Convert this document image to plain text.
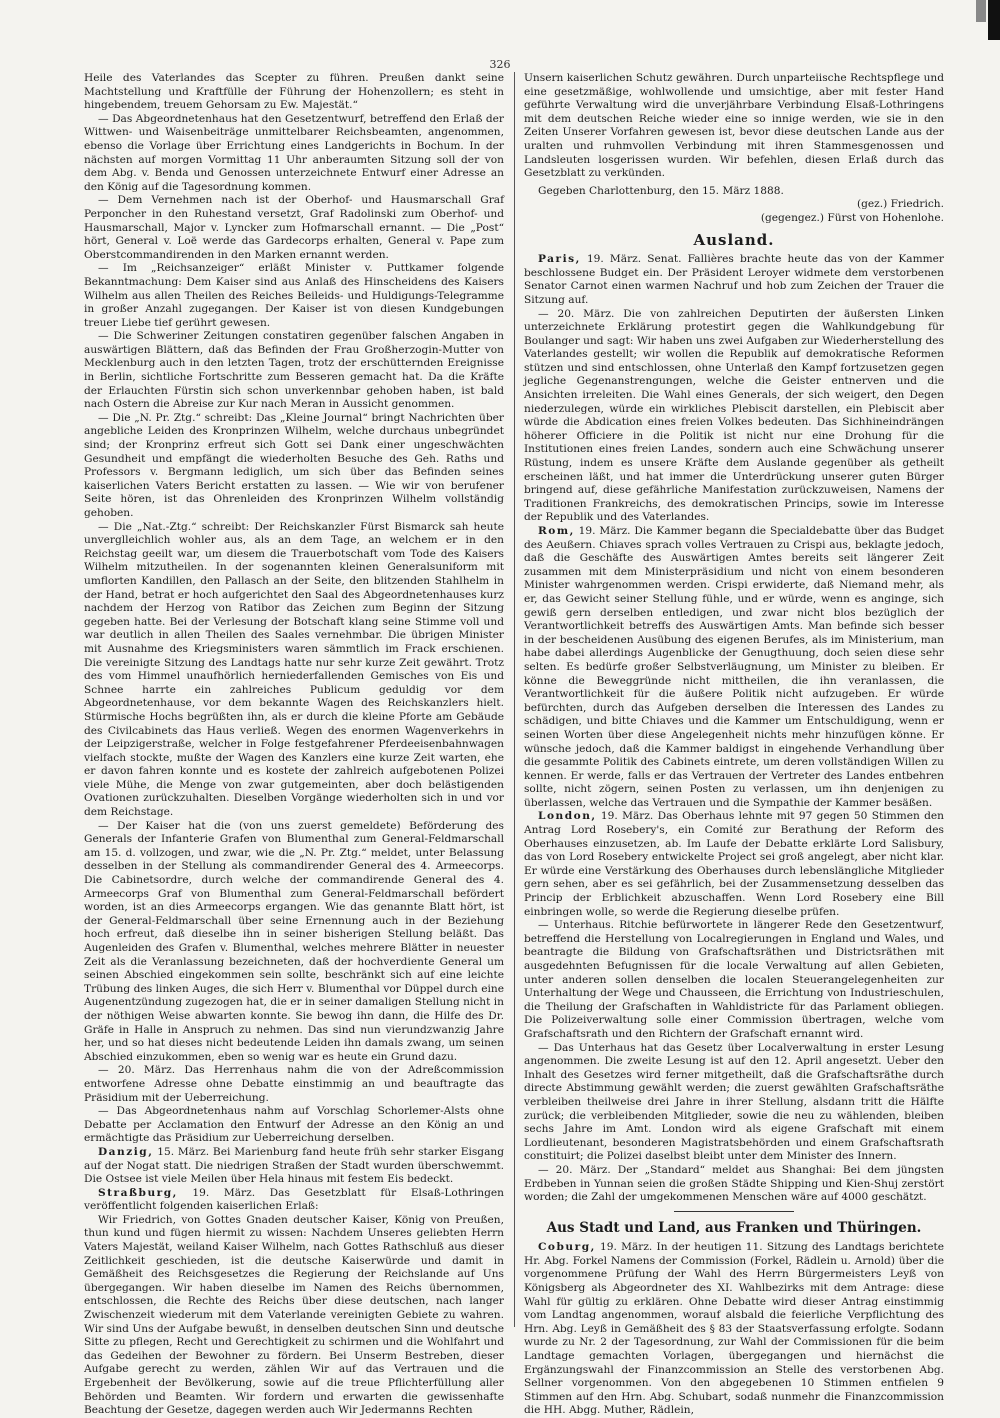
326

Heile des Vaterlandes das Scepter zu führen. Preußen dankt seine Machtstellung und Kraftfülle der Führung der Hohenzollern; es steht in hingebendem, treuem Gehorsam zu Ew. Majestät.“

— Das Abgeordnetenhaus hat den Gesetzentwurf, betreffend den Erlaß der Wittwen- und Waisenbeiträge unmittelbarer Reichsbeamten, angenommen, ebenso die Vorlage über Errichtung eines Landgerichts in Bochum. In der nächsten auf morgen Vormittag 11 Uhr anberaumten Sitzung soll der von dem Abg. v. Benda und Genossen unterzeichnete Entwurf einer Adresse an den König auf die Tagesordnung kommen.

— Dem Vernehmen nach ist der Oberhof- und Hausmarschall Graf Perponcher in den Ruhestand versetzt, Graf Radolinski zum Oberhof- und Hausmarschall, Major v. Lyncker zum Hofmarschall ernannt. — Die „Post“ hört, General v. Loë werde das Gardecorps erhalten, General v. Pape zum Oberstcommandirenden in den Marken ernannt werden.

— Im „Reichsanzeiger“ erläßt Minister v. Puttkamer folgende Bekanntmachung: Dem Kaiser sind aus Anlaß des Hinscheidens des Kaisers Wilhelm aus allen Theilen des Reiches Beileids- und Huldigungs-Telegramme in großer Anzahl zugegangen. Der Kaiser ist von diesen Kundgebungen treuer Liebe tief gerührt gewesen.

— Die Schweriner Zeitungen constatiren gegenüber falschen Angaben in auswärtigen Blättern, daß das Befinden der Frau Großherzogin-Mutter von Mecklenburg auch in den letzten Tagen, trotz der erschütternden Ereignisse in Berlin, sichtliche Fortschritte zum Besseren gemacht hat. Da die Kräfte der Erlauchten Fürstin sich schon unverkennbar gehoben haben, ist bald nach Ostern die Abreise zur Kur nach Meran in Aussicht genommen.

— Die „N. Pr. Ztg.“ schreibt: Das „Kleine Journal“ bringt Nachrichten über angebliche Leiden des Kronprinzen Wilhelm, welche durchaus unbegründet sind; der Kronprinz erfreut sich Gott sei Dank einer ungeschwächten Gesundheit und empfängt die wiederholten Besuche des Geh. Raths und Professors v. Bergmann lediglich, um sich über das Befinden seines kaiserlichen Vaters Bericht erstatten zu lassen. — Wie wir von berufener Seite hören, ist das Ohrenleiden des Kronprinzen Wilhelm vollständig gehoben.

— Die „Nat.-Ztg.“ schreibt: Der Reichskanzler Fürst Bismarck sah heute unverglleichlich wohler aus, als an dem Tage, an welchem er in den Reichstag geeilt war, um diesem die Trauerbotschaft vom Tode des Kaisers Wilhelm mitzutheilen. In der sogenannten kleinen Generalsuniform mit umflorten Kandillen, den Pallasch an der Seite, den blitzenden Stahlhelm in der Hand, betrat er hoch aufgerichtet den Saal des Abgeordnetenhauses kurz nachdem der Herzog von Ratibor das Zeichen zum Beginn der Sitzung gegeben hatte. Bei der Verlesung der Botschaft klang seine Stimme voll und war deutlich in allen Theilen des Saales vernehmbar. Die übrigen Minister mit Ausnahme des Kriegsministers waren sämmtlich im Frack erschienen. Die vereinigte Sitzung des Landtags hatte nur sehr kurze Zeit gewährt. Trotz des vom Himmel unaufhörlich herniederfallenden Gemisches von Eis und Schnee harrte ein zahlreiches Publicum geduldig vor dem Abgeordnetenhause, vor dem bekannte Wagen des Reichskanzlers hielt. Stürmische Hochs begrüßten ihn, als er durch die kleine Pforte am Gebäude des Civilcabinets das Haus verließ. Wegen des enormen Wagenverkehrs in der Leipzigerstraße, welcher in Folge festgefahrener Pferdeeisenbahnwagen vielfach stockte, mußte der Wagen des Kanzlers eine kurze Zeit warten, ehe er davon fahren konnte und es kostete der zahlreich aufgebotenen Polizei viele Mühe, die Menge von zwar gutgemeinten, aber doch belästigenden Ovationen zurückzuhalten. Dieselben Vorgänge wiederholten sich in und vor dem Reichstage.

— Der Kaiser hat die (von uns zuerst gemeldete) Beförderung des Generals der Infanterie Grafen von Blumenthal zum General-Feldmarschall am 15. d. vollzogen, und zwar, wie die „N. Pr. Ztg.“ meldet, unter Belassung desselben in der Stellung als commandirender General des 4. Armeecorps. Die Cabinetsordre, durch welche der commandirende General des 4. Armeecorps Graf von Blumenthal zum General-Feldmarschall befördert worden, ist an dies Armeecorps ergangen. Wie das genannte Blatt hört, ist der General-Feldmarschall über seine Ernennung auch in der Beziehung hoch erfreut, daß dieselbe ihn in seiner bisherigen Stellung beläßt. Das Augenleiden des Grafen v. Blumenthal, welches mehrere Blätter in neuester Zeit als die Veranlassung bezeichneten, daß der hochverdiente General um seinen Abschied eingekommen sein sollte, beschränkt sich auf eine leichte Trübung des linken Auges, die sich Herr v. Blumenthal vor Düppel durch eine Augenentzündung zugezogen hat, die er in seiner damaligen Stellung nicht in der nöthigen Weise abwarten konnte. Sie bewog ihn dann, die Hilfe des Dr. Gräfe in Halle in Anspruch zu nehmen. Das sind nun vierundzwanzig Jahre her, und so hat dieses nicht bedeutende Leiden ihn damals zwang, um seinen Abschied einzukommen, eben so wenig war es heute ein Grund dazu.

— 20. März. Das Herrenhaus nahm die von der Adreßcommission entworfene Adresse ohne Debatte einstimmig an und beauftragte das Präsidium mit der Ueberreichung.

— Das Abgeordnetenhaus nahm auf Vorschlag Schorlemer-Alsts ohne Debatte per Acclamation den Entwurf der Adresse an den König an und ermächtigte das Präsidium zur Ueberreichung derselben.

Danzig, 15. März. Bei Marienburg fand heute früh sehr starker Eisgang auf der Nogat statt. Die niedrigen Straßen der Stadt wurden überschwemmt. Die Ostsee ist viele Meilen über Hela hinaus mit festem Eis bedeckt.

Straßburg, 19. März. Das Gesetzblatt für Elsaß-Lothringen veröffentlicht folgenden kaiserlichen Erlaß:

Wir Friedrich, von Gottes Gnaden deutscher Kaiser, König von Preußen, thun kund und fügen hiermit zu wissen: Nachdem Unseres geliebten Herrn Vaters Majestät, weiland Kaiser Wilhelm, nach Gottes Rathschluß aus dieser Zeitlichkeit geschieden, ist die deutsche Kaiserwürde und damit in Gemäßheit des Reichsgesetzes die Regierung der Reichslande auf Uns übergegangen. Wir haben dieselbe im Namen des Reichs übernommen, entschlossen, die Rechte des Reichs über diese deutschen, nach langer Zwischenzeit wiederum mit dem Vaterlande vereinigten Gebiete zu wahren. Wir sind Uns der Aufgabe bewußt, in denselben deutschen Sinn und deutsche Sitte zu pflegen, Recht und Gerechtigkeit zu schirmen und die Wohlfahrt und das Gedeihen der Bewohner zu fördern. Bei Unserm Bestreben, dieser Aufgabe gerecht zu werden, zählen Wir auf das Vertrauen und die Ergebenheit der Bevölkerung, sowie auf die treue Pflichterfüllung aller Behörden und Beamten. Wir fordern und erwarten die gewissenhafte Beachtung der Gesetze, dagegen werden auch Wir Jedermanns Rechten

Unsern kaiserlichen Schutz gewähren. Durch unparteiische Rechtspflege und eine gesetzmäßige, wohlwollende und umsichtige, aber mit fester Hand geführte Verwaltung wird die unverjährbare Verbindung Elsaß-Lothringens mit dem deutschen Reiche wieder eine so innige werden, wie sie in den Zeiten Unserer Vorfahren gewesen ist, bevor diese deutschen Lande aus der uralten und ruhmvollen Verbindung mit ihren Stammesgenossen und Landsleuten losgerissen wurden. Wir befehlen, diesen Erlaß durch das Gesetzblatt zu verkünden.

Gegeben Charlottenburg, den 15. März 1888.

(gez.) Friedrich.

(gegengez.) Fürst von Hohenlohe.

Ausland.

Paris, 19. März. Senat. Fallières brachte heute das von der Kammer beschlossene Budget ein. Der Präsident Leroyer widmete dem verstorbenen Senator Carnot einen warmen Nachruf und hob zum Zeichen der Trauer die Sitzung auf.

— 20. März. Die von zahlreichen Deputirten der äußersten Linken unterzeichnete Erklärung protestirt gegen die Wahlkundgebung für Boulanger und sagt: Wir haben uns zwei Aufgaben zur Wiederherstellung des Vaterlandes gestellt; wir wollen die Republik auf demokratische Reformen stützen und sind entschlossen, ohne Unterlaß den Kampf fortzusetzen gegen jegliche Gegenanstrengungen, welche die Geister entnerven und die Ansichten irreleiten. Die Wahl eines Generals, der sich weigert, den Degen niederzulegen, würde ein wirkliches Plebiscit darstellen, ein Plebiscit aber würde die Abdication eines freien Volkes bedeuten. Das Sichhineindrängen höherer Officiere in die Politik ist nicht nur eine Drohung für die Institutionen eines freien Landes, sondern auch eine Schwächung unserer Rüstung, indem es unsere Kräfte dem Auslande gegenüber als getheilt erscheinen läßt, und hat immer die Unterdrückung unserer guten Bürger bringend auf, diese gefährliche Manifestation zurückzuweisen, Namens der Traditionen Frankreichs, des demokratischen Princips, sowie im Interesse der Republik und des Vaterlandes.

Rom, 19. März. Die Kammer begann die Specialdebatte über das Budget des Aeußern. Chiaves sprach volles Vertrauen zu Crispi aus, beklagte jedoch, daß die Geschäfte des Auswärtigen Amtes bereits seit längerer Zeit zusammen mit dem Ministerpräsidium und nicht von einem besonderen Minister wahrgenommen werden. Crispi erwiderte, daß Niemand mehr, als er, das Gewicht seiner Stellung fühle, und er würde, wenn es anginge, sich gewiß gern derselben entledigen, und zwar nicht blos bezüglich der Verantwortlichkeit betreffs des Auswärtigen Amts. Man befinde sich besser in der bescheidenen Ausübung des eigenen Berufes, als im Ministerium, man habe dabei allerdings Augenblicke der Genugthuung, doch seien diese sehr selten. Es bedürfe großer Selbstverläugnung, um Minister zu bleiben. Er könne die Beweggründe nicht mittheilen, die ihn veranlassen, die Verantwortlichkeit für die äußere Politik nicht aufzugeben. Er würde befürchten, durch das Aufgeben derselben die Interessen des Landes zu schädigen, und bitte Chiaves und die Kammer um Entschuldigung, wenn er seinen Worten über diese Angelegenheit nichts mehr hinzufügen könne. Er wünsche jedoch, daß die Kammer baldigst in eingehende Verhandlung über die gesammte Politik des Cabinets eintrete, um deren vollständigen Willen zu kennen. Er werde, falls er das Vertrauen der Vertreter des Landes entbehren sollte, nicht zögern, seinen Posten zu verlassen, um ihn denjenigen zu überlassen, welche das Vertrauen und die Sympathie der Kammer besäßen.

London, 19. März. Das Oberhaus lehnte mit 97 gegen 50 Stimmen den Antrag Lord Rosebery's, ein Comité zur Berathung der Reform des Oberhauses einzusetzen, ab. Im Laufe der Debatte erklärte Lord Salisbury, das von Lord Rosebery entwickelte Project sei groß angelegt, aber nicht klar. Er würde eine Verstärkung des Oberhauses durch lebenslängliche Mitglieder gern sehen, aber es sei gefährlich, bei der Zusammensetzung desselben das Princip der Erblichkeit abzuschaffen. Wenn Lord Rosebery eine Bill einbringen wolle, so werde die Regierung dieselbe prüfen.

— Unterhaus. Ritchie befürwortete in längerer Rede den Gesetzentwurf, betreffend die Herstellung von Localregierungen in England und Wales, und beantragte die Bildung von Grafschaftsräthen und Districtsräthen mit ausgedehnten Befugnissen für die locale Verwaltung auf allen Gebieten, unter anderen sollen denselben die localen Steuerangelegenheiten zur Unterhaltung der Wege und Chausseen, die Errichtung von Industrieschulen, die Theilung der Grafschaften in Wahldistricte für das Parlament obliegen. Die Polizeiverwaltung solle einer Commission übertragen, welche vom Grafschaftsrath und den Richtern der Grafschaft ernannt wird.

— Das Unterhaus hat das Gesetz über Localverwaltung in erster Lesung angenommen. Die zweite Lesung ist auf den 12. April angesetzt. Ueber den Inhalt des Gesetzes wird ferner mitgetheilt, daß die Grafschaftsräthe durch directe Abstimmung gewählt werden; die zuerst gewählten Grafschaftsräthe verbleiben theilweise drei Jahre in ihrer Stellung, alsdann tritt die Hälfte zurück; die verbleibenden Mitglieder, sowie die neu zu wählenden, bleiben sechs Jahre im Amt. London wird als eigene Grafschaft mit einem Lordlieutenant, besonderen Magistratsbehörden und einem Grafschaftsrath constituirt; die Polizei daselbst bleibt unter dem Minister des Innern.

— 20. März. Der „Standard“ meldet aus Shanghai: Bei dem jüngsten Erdbeben in Yunnan seien die großen Städte Shipping und Kien-Shuj zerstört worden; die Zahl der umgekommenen Menschen wäre auf 4000 geschätzt.

Aus Stadt und Land, aus Franken und Thüringen.

Coburg, 19. März. In der heutigen 11. Sitzung des Landtags berichtete Hr. Abg. Forkel Namens der Commission (Forkel, Rädlein u. Arnold) über die vorgenommene Prüfung der Wahl des Herrn Bürgermeisters Leyß von Königsberg als Abgeordneter des XI. Wahlbezirks mit dem Antrage: diese Wahl für gültig zu erklären. Ohne Debatte wird dieser Antrag einstimmig vom Landtag angenommen, worauf alsbald die feierliche Verpflichtung des Hrn. Abg. Leyß in Gemäßheit des § 83 der Staatsverfassung erfolgte. Sodann wurde zu Nr. 2 der Tagesordnung, zur Wahl der Commissionen für die beim Landtage gemachten Vorlagen, übergegangen und hiernächst die Ergänzungswahl der Finanzcommission an Stelle des verstorbenen Abg. Sellner vorgenommen. Von den abgegebenen 10 Stimmen entfielen 9 Stimmen auf den Hrn. Abg. Schubart, sodaß nunmehr die Finanzcommission die HH. Abgg. Muther, Rädlein,
